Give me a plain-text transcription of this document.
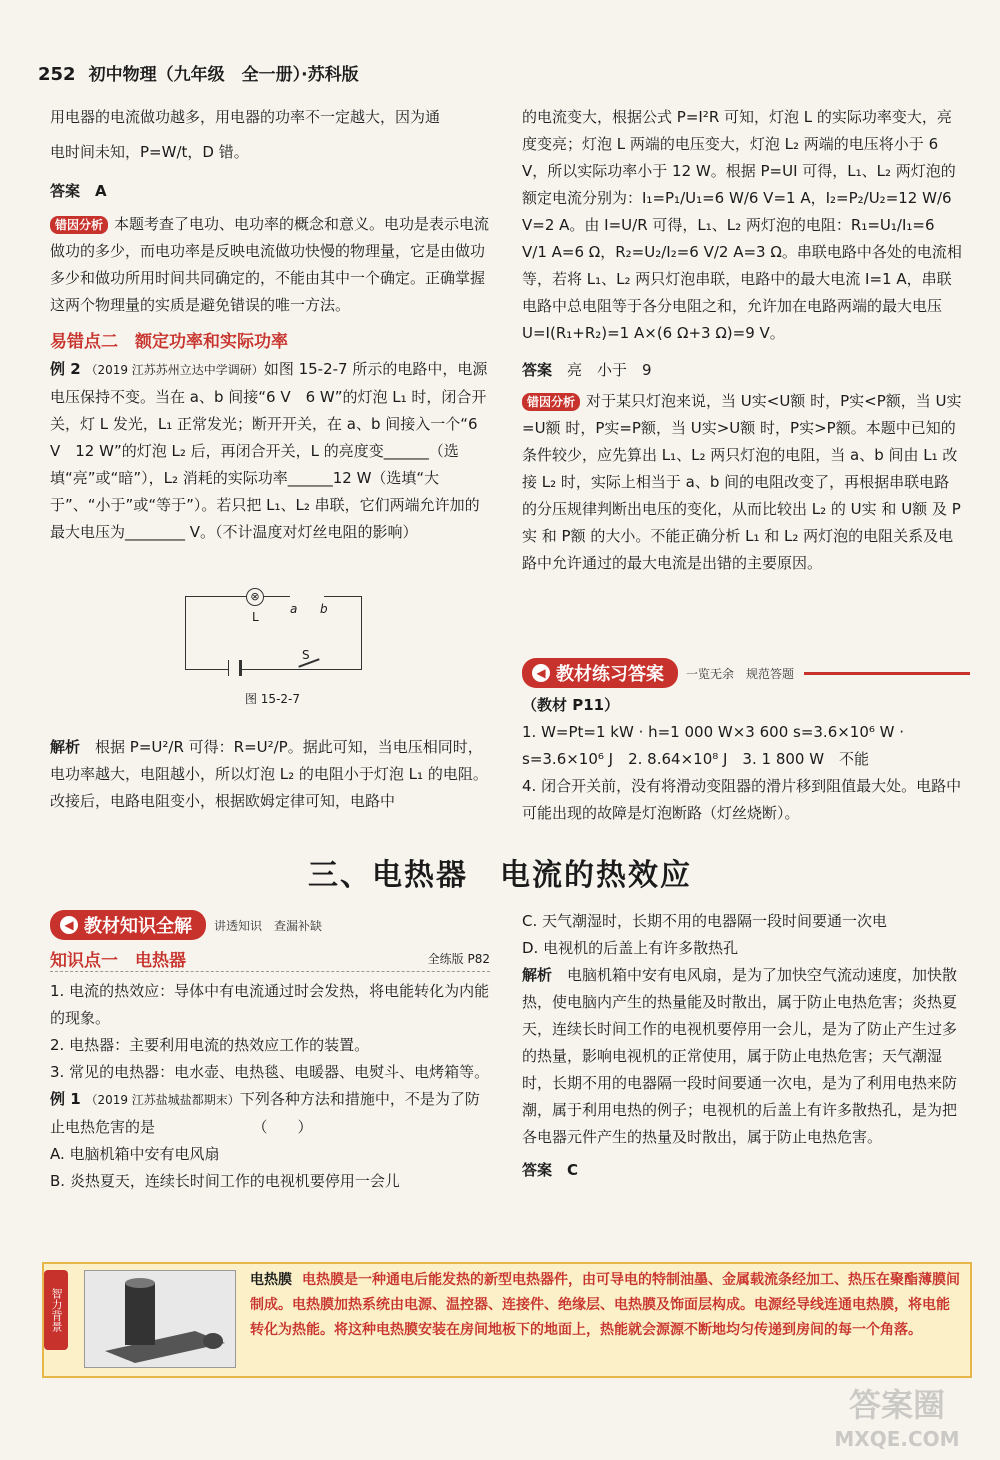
252 初中物理（九年级　全一册）·苏科版

用电器的电流做功越多，用电器的功率不一定越大，因为通

电时间未知，P=W/t，D 错。

答案　 A

错因分析 本题考查了电功、电功率的概念和意义。电功是表示电流做功的多少，而电功率是反映电流做功快慢的物理量，它是由做功多少和做功所用时间共同确定的，不能由其中一个确定。正确掌握这两个物理量的实质是避免错误的唯一方法。

易错点二　额定功率和实际功率

例 2 （2019 江苏苏州立达中学调研）如图 15-2-7 所示的电路中，电源电压保持不变。当在 a、b 间接“6 V　6 W”的灯泡 L₁ 时，闭合开关，灯 L 发光，L₁ 正常发光；断开开关，在 a、b 间接入一个“6 V　12 W”的灯泡 L₂ 后，再闭合开关，L 的亮度变______（选填“亮”或“暗”），L₂ 消耗的实际功率______12 W（选填“大于”、“小于”或“等于”）。若只把 L₁、L₂ 串联，它们两端允许加的最大电压为________ V。（不计温度对灯丝电阻的影响）

⊗
L
a b
S
图 15-2-7

解析　 根据 P=U²/R 可得：R=U²/P。据此可知，当电压相同时，电功率越大，电阻越小，所以灯泡 L₂ 的电阻小于灯泡 L₁ 的电阻。改接后，电路电阻变小，根据欧姆定律可知，电路中

的电流变大，根据公式 P=I²R 可知，灯泡 L 的实际功率变大，亮度变亮；灯泡 L 两端的电压变大，灯泡 L₂ 两端的电压将小于 6 V，所以实际功率小于 12 W。根据 P=UI 可得，L₁、L₂ 两灯泡的额定电流分别为：I₁=P₁/U₁=6 W/6 V=1 A，I₂=P₂/U₂=12 W/6 V=2 A。由 I=U/R 可得，L₁、L₂ 两灯泡的电阻：R₁=U₁/I₁=6 V/1 A=6 Ω，R₂=U₂/I₂=6 V/2 A=3 Ω。串联电路中各处的电流相等，若将 L₁、L₂ 两只灯泡串联，电路中的最大电流 I=1 A，串联电路中总电阻等于各分电阻之和，允许加在电路两端的最大电压 U=I(R₁+R₂)=1 A×(6 Ω+3 Ω)=9 V。

答案　 亮　小于　9

错因分析 对于某只灯泡来说，当 U实<U额 时，P实<P额，当 U实=U额 时，P实=P额，当 U实>U额 时，P实>P额。本题中已知的条件较少，应先算出 L₁、L₂ 两只灯泡的电阻，当 a、b 间由 L₁ 改接 L₂ 时，实际上相当于 a、b 间的电阻改变了，再根据串联电路的分压规律判断出电压的变化，从而比较出 L₂ 的 U实 和 U额 及 P实 和 P额 的大小。不能正确分析 L₁ 和 L₂ 两灯泡的电阻关系及电路中允许通过的最大电流是出错的主要原因。

◀ 教材练习答案 一览无余　规范答题

（教材 P11）

1. W=Pt=1 kW · h=1 000 W×3 600 s=3.6×10⁶ W · s=3.6×10⁶ J　2. 8.64×10⁸ J　3. 1 800 W　不能

4. 闭合开关前，没有将滑动变阻器的滑片移到阻值最大处。电路中可能出现的故障是灯泡断路（灯丝烧断）。

三、电热器　电流的热效应
◀ 教材知识全解 讲透知识　查漏补缺
知识点一　电热器	全练版 P82

1. 电流的热效应：导体中有电流通过时会发热，将电能转化为内能的现象。

2. 电热器：主要利用电流的热效应工作的装置。

3. 常见的电热器：电水壶、电热毯、电暖器、电熨斗、电烤箱等。

例 1 （2019 江苏盐城盐都期末）下列各种方法和措施中，不是为了防止电热危害的是　　　　　　　（　　）

A. 电脑机箱中安有电风扇

B. 炎热夏天，连续长时间工作的电视机要停用一会儿

C. 天气潮湿时，长期不用的电器隔一段时间要通一次电

D. 电视机的后盖上有许多散热孔

解析　 电脑机箱中安有电风扇，是为了加快空气流动速度，加快散热，使电脑内产生的热量能及时散出，属于防止电热危害；炎热夏天，连续长时间工作的电视机要停用一会儿，是为了防止产生过多的热量，影响电视机的正常使用，属于防止电热危害；天气潮湿时，长期不用的电器隔一段时间要通一次电，是为了利用电热来防潮，属于利用电热的例子；电视机的后盖上有许多散热孔，是为把各电器元件产生的热量及时散出，属于防止电热危害。

答案　 C

智力背景
电热膜 电热膜是一种通电后能发热的新型电热器件，由可导电的特制油墨、金属载流条经加工、热压在聚酯薄膜间制成。电热膜加热系统由电源、温控器、连接件、绝缘层、电热膜及饰面层构成。电源经导线连通电热膜，将电能转化为热能。将这种电热膜安装在房间地板下的地面上，热能就会源源不断地均匀传递到房间的每一个角落。
答案圈
MXQE.COM
